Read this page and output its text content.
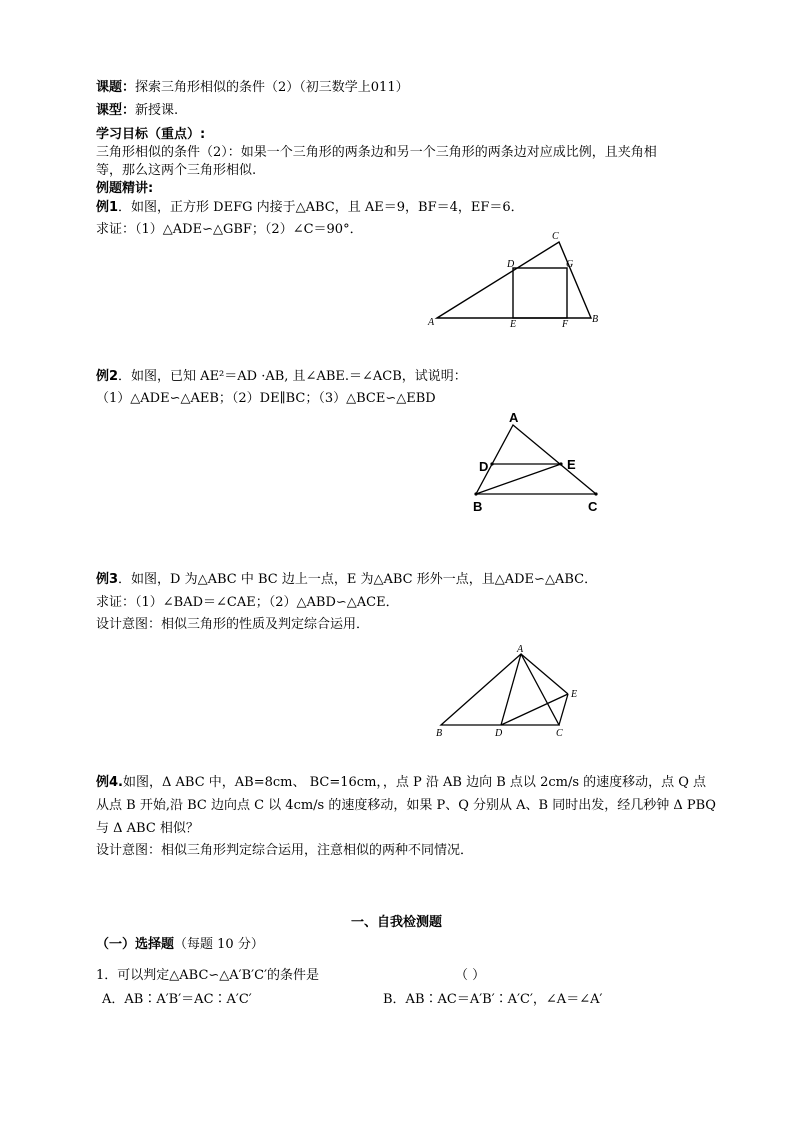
课题：探索三角形相似的条件（2）（初三数学上011）
课型：新授课.
学习目标（重点）:
三角形相似的条件（2）：如果一个三角形的两条边和另一个三角形的两条边对应成比例，且夹角相
等，那么这两个三角形相似.
例题精讲:
例1．如图，正方形 DEFG 内接于△ABC，且 AE＝9，BF＝4，EF＝6．
求证：（1）△ADE∽△GBF；（2）∠C＝90°．
A	B
C
D
E	F
G
例2．如图，已知 AE²＝AD ·AB, 且∠ABE.＝∠ACB，试说明：
（1）△ADE∽△AEB；（2）DE∥BC；（3）△BCE∽△EBD
A
B	C
D	E
例3．如图，D 为△ABC 中 BC 边上一点，E 为△ABC 形外一点，且△ADE∽△ABC．
求证：（1）∠BAD＝∠CAE；（2）△ABD∽△ACE．
设计意图：相似三角形的性质及判定综合运用．
A
B	C
D
E
例4.如图，Δ ABC 中，AB=8cm、 BC=16cm，，点 P 沿 AB 边向 B 点以 2cm/s 的速度移动，点 Q 点
从点 B 开始,沿 BC 边向点 C 以 4cm/s 的速度移动，如果 P、Q 分别从 A、B 同时出发，经几秒钟 Δ PBQ
与 Δ ABC 相似？
设计意图：相似三角形判定综合运用，注意相似的两种不同情况．
一、自我检测题
（一）选择题（每题 10 分）
1．可以判定△ABC∽△A′B′C′的条件是	（ ）
A．AB∶A′B′＝AC∶A′C′	B．AB∶AC＝A′B′∶A′C′，∠A＝∠A′
